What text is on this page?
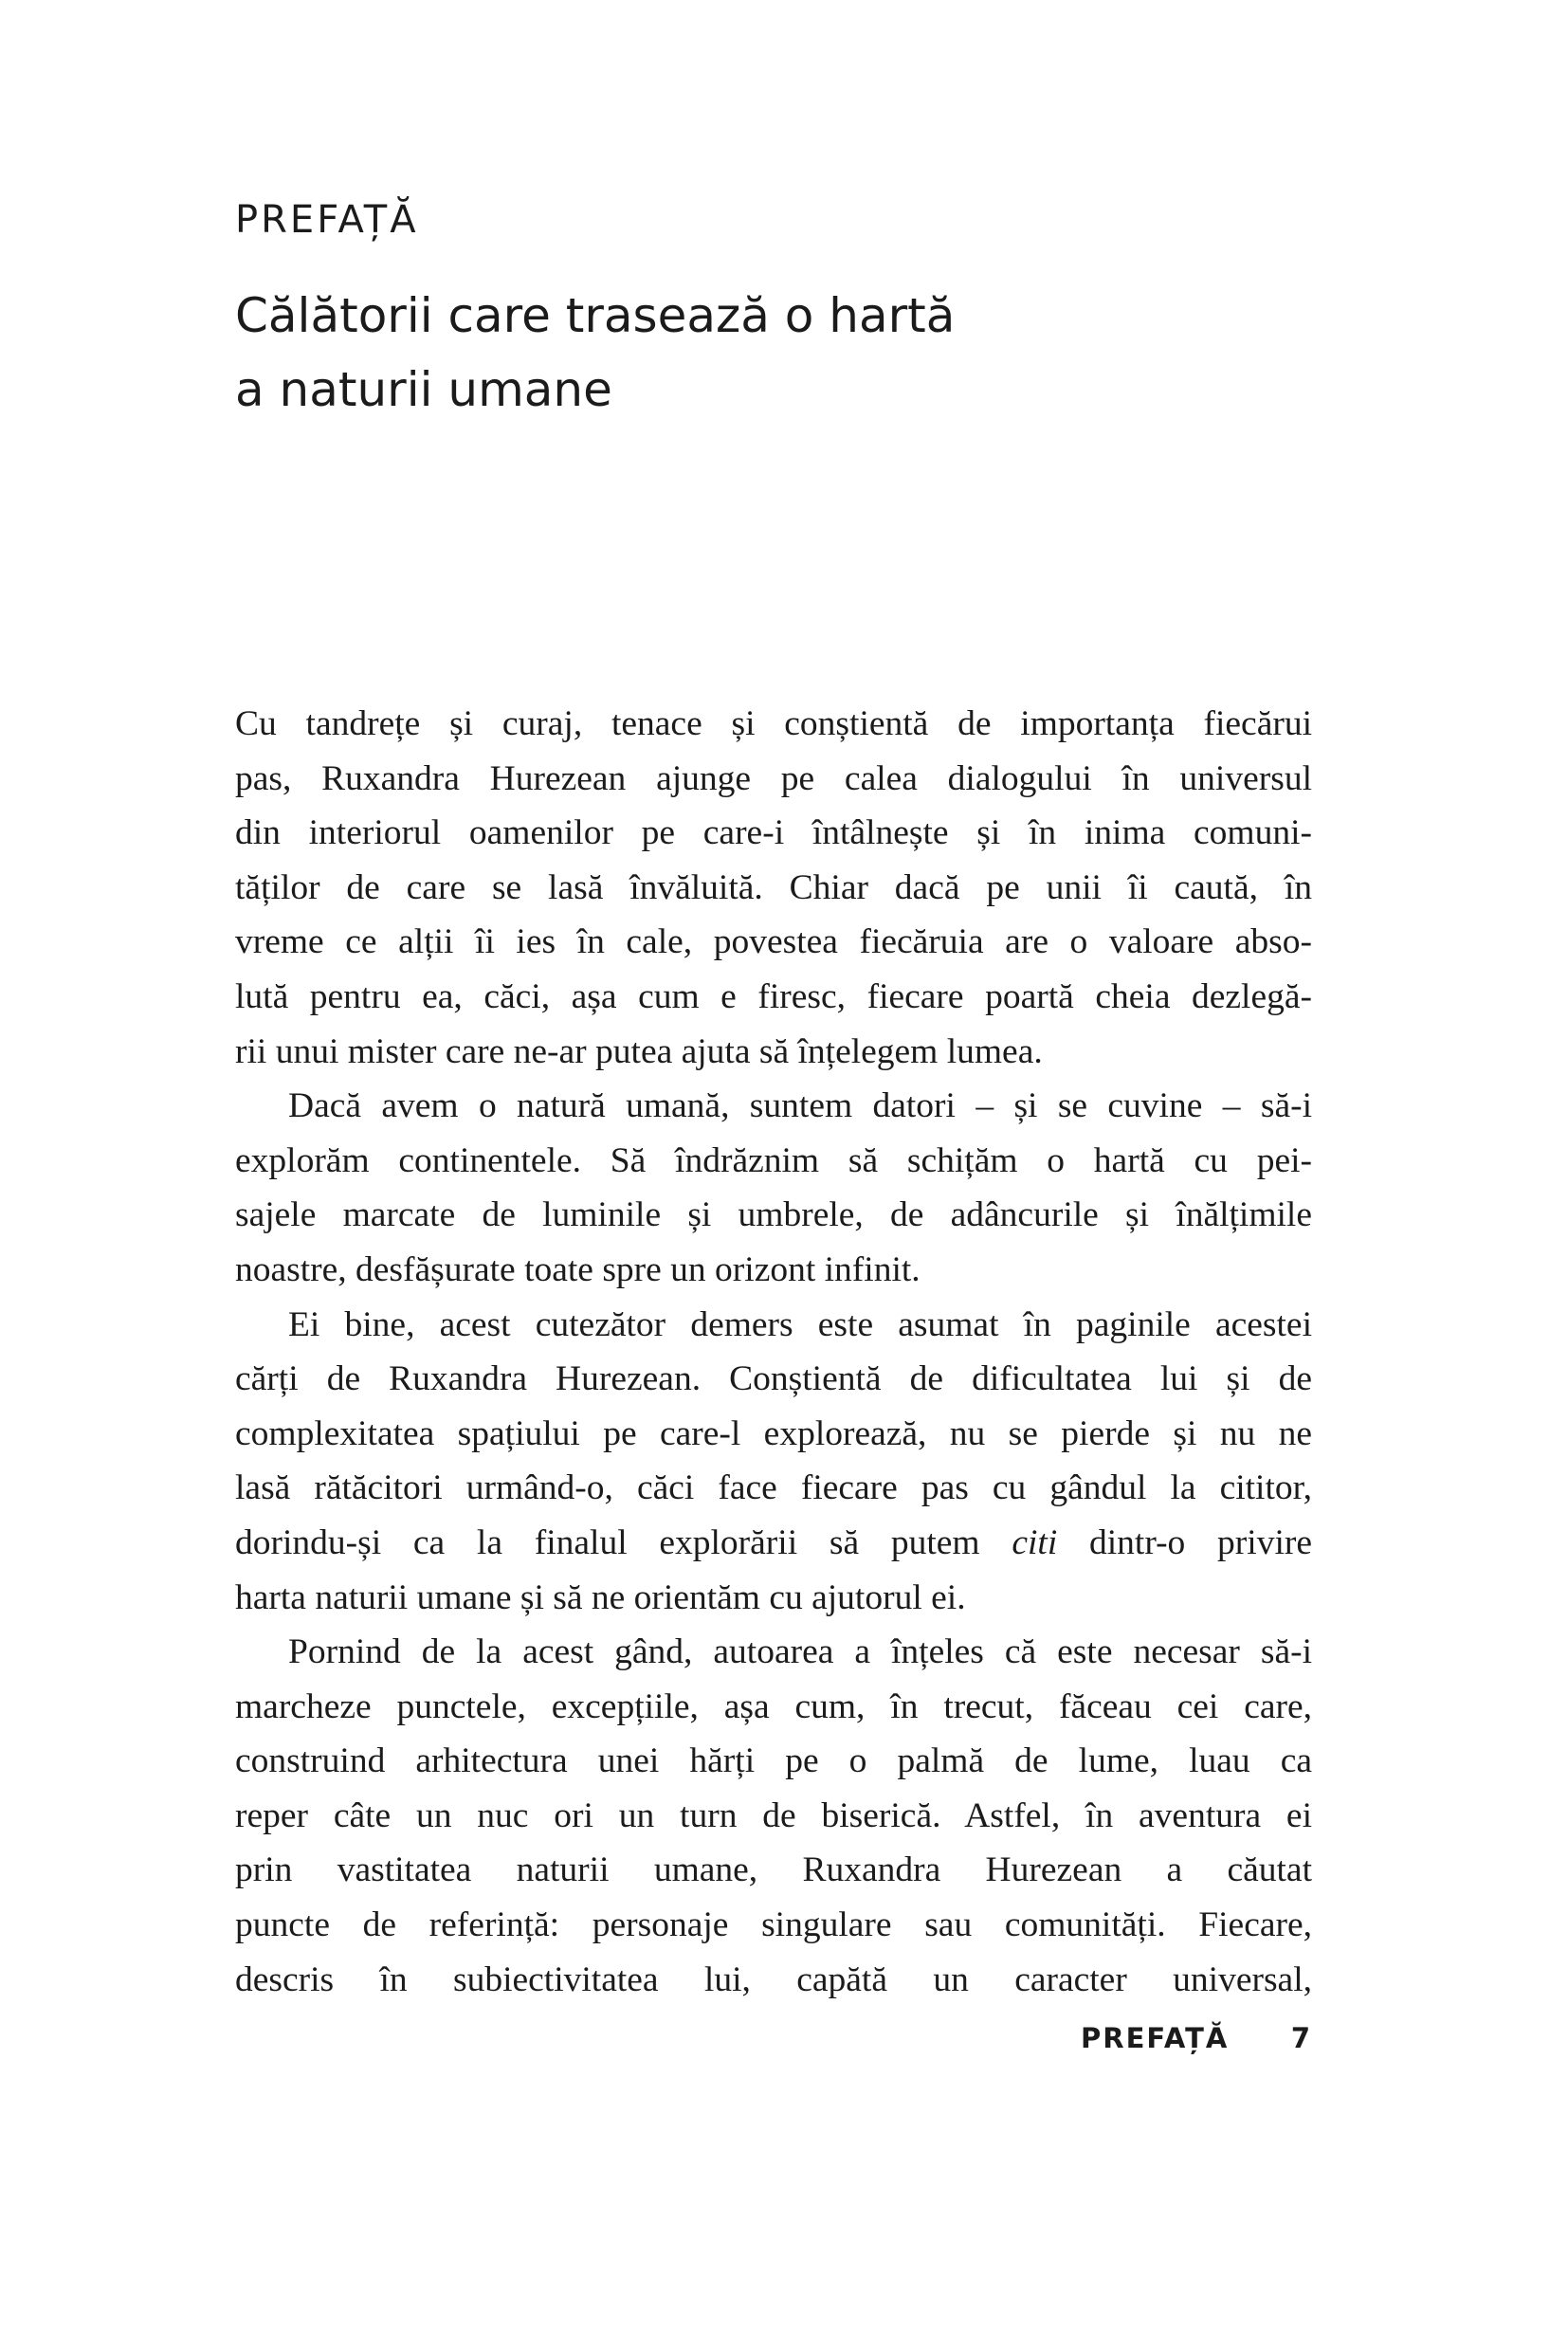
PREFAȚĂ
Călătorii care trasează o hartă
a naturii umane
Cu tandrețe și curaj, tenace și conștientă de importanța fiecărui
pas, Ruxandra Hurezean ajunge pe calea dialogului în universul
din interiorul oamenilor pe care-i întâlnește și în inima comuni-
tăților de care se lasă învăluită. Chiar dacă pe unii îi caută, în
vreme ce alții îi ies în cale, povestea fiecăruia are o valoare abso-
lută pentru ea, căci, așa cum e firesc, fiecare poartă cheia dezlegă-
rii unui mister care ne-ar putea ajuta să înțelegem lumea.
Dacă avem o natură umană, suntem datori – și se cuvine – să-i
explorăm continentele. Să îndrăznim să schițăm o hartă cu pei-
sajele marcate de luminile și umbrele, de adâncurile și înălțimile
noastre, desfășurate toate spre un orizont infinit.
Ei bine, acest cutezător demers este asumat în paginile acestei
cărți de Ruxandra Hurezean. Conștientă de dificultatea lui și de
complexitatea spațiului pe care-l explorează, nu se pierde și nu ne
lasă rătăcitori urmând-o, căci face fiecare pas cu gândul la cititor,
dorindu-și ca la finalul explorării să putem citi dintr-o privire
harta naturii umane și să ne orientăm cu ajutorul ei.
Pornind de la acest gând, autoarea a înțeles că este necesar să-i
marcheze punctele, excepțiile, așa cum, în trecut, făceau cei care,
construind arhitectura unei hărți pe o palmă de lume, luau ca
reper câte un nuc ori un turn de biserică. Astfel, în aventura ei
prin vastitatea naturii umane, Ruxandra Hurezean a căutat
puncte de referință: personaje singulare sau comunități. Fiecare,
descris în subiectivitatea lui, capătă un caracter universal,
PREFAȚĂ 7
